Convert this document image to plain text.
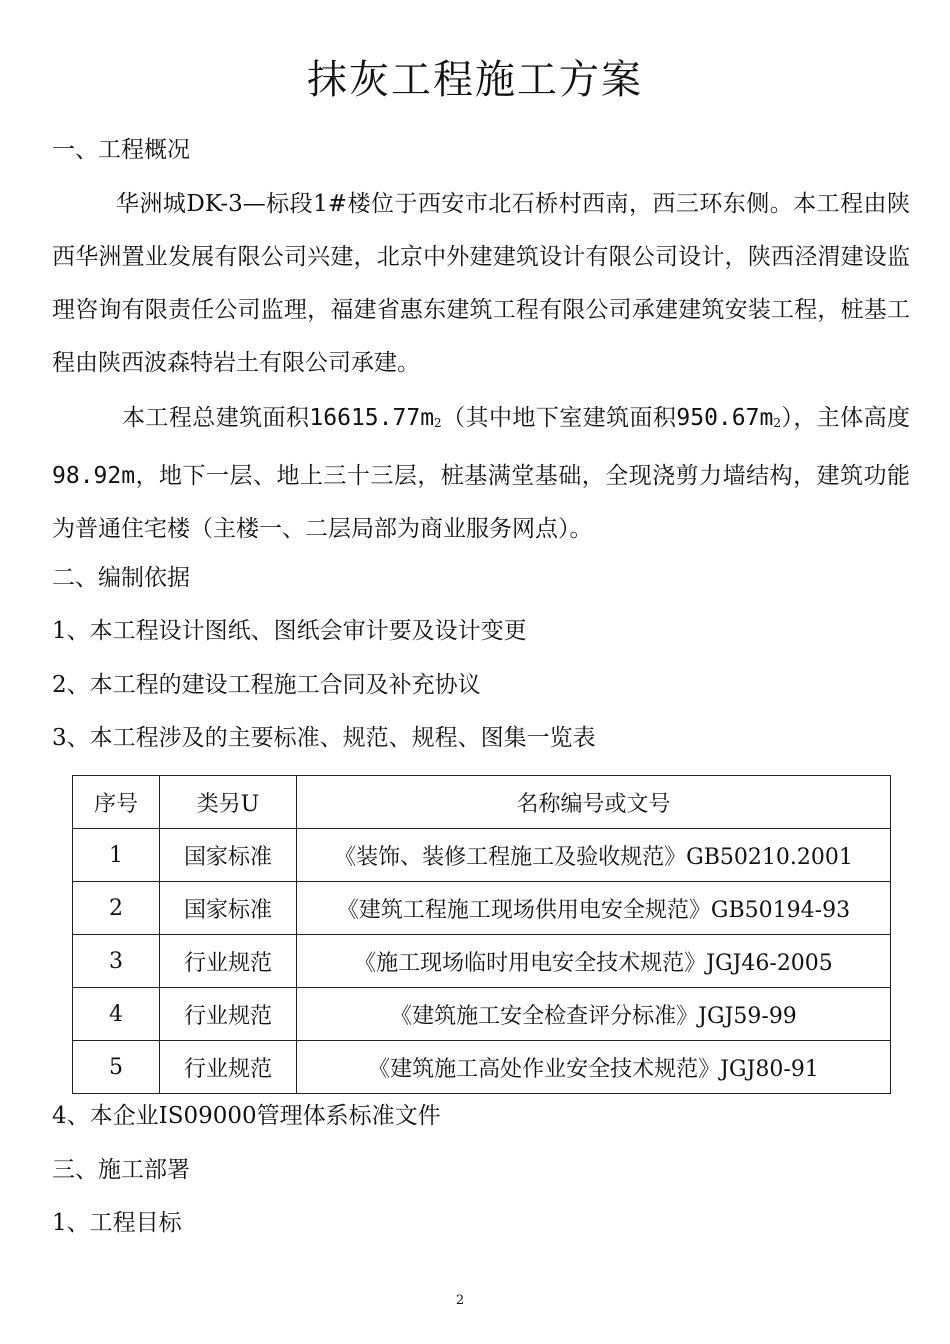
抹灰工程施工方案
一、工程概况
华洲城DK-3—标段1#楼位于西安市北石桥村西南，西三环东侧。本工程由陕西华洲置业发展有限公司兴建，北京中外建建筑设计有限公司设计，陕西泾渭建设监理咨询有限责任公司监理，福建省惠东建筑工程有限公司承建建筑安装工程，桩基工程由陕西波森特岩土有限公司承建。
本工程总建筑面积$16615.77m_2$（其中地下室建筑面积$950.67m_2$），主体高度98.92m，地下一层、地上三十三层，桩基满堂基础，全现浇剪力墙结构，建筑功能为普通住宅楼（主楼一、二层局部为商业服务网点）。
二、编制依据
1、本工程设计图纸、图纸会审计要及设计变更
2、本工程的建设工程施工合同及补充协议
3、本工程涉及的主要标准、规范、规程、图集一览表
序号	类另U	名称编号或文号
1	国家标准	《装饰、装修工程施工及验收规范》GB50210.2001
2	国家标准	《建筑工程施工现场供用电安全规范》GB50194-93
3	行业规范	《施工现场临时用电安全技术规范》JGJ46-2005
4	行业规范	《建筑施工安全检查评分标准》JGJ59-99
5	行业规范	《建筑施工高处作业安全技术规范》JGJ80-91
4、本企业IS09000管理体系标准文件
三、施工部署
1、工程目标
2
